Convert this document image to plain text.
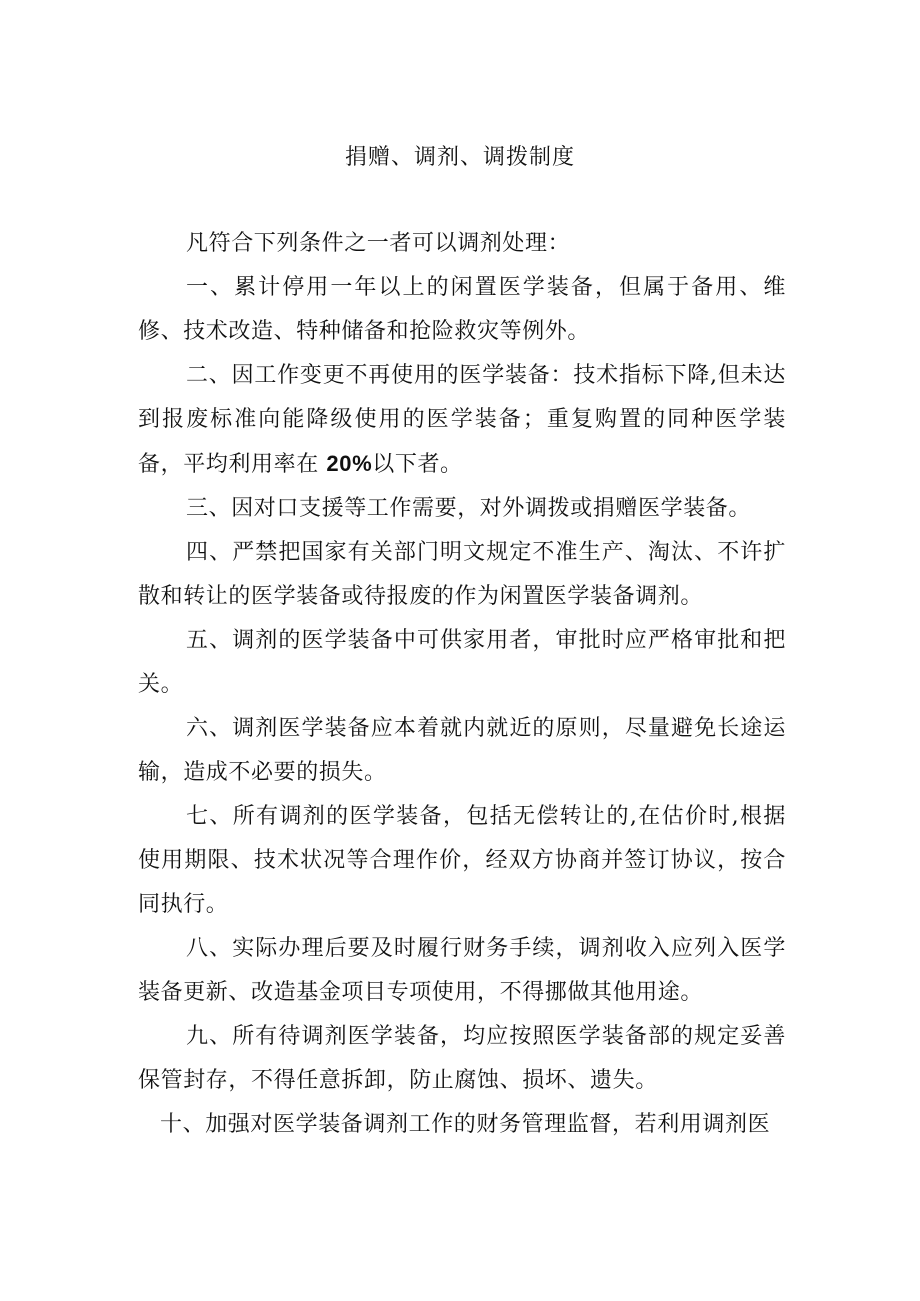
捐赠、调剂、调拨制度

凡符合下列条件之一者可以调剂处理：

一、累计停用一年以上的闲置医学装备，但属于备用、维修、技术改造、特种储备和抢险救灾等例外。

二、因工作变更不再使用的医学装备：技术指标下降,但未达到报废标准向能降级使用的医学装备；重复购置的同种医学装备，平均利用率在 20%以下者。

三、因对口支援等工作需要，对外调拨或捐赠医学装备。

四、严禁把国家有关部门明文规定不准生产、淘汰、不许扩散和转让的医学装备或待报废的作为闲置医学装备调剂。

五、调剂的医学装备中可供家用者，审批时应严格审批和把关。

六、调剂医学装备应本着就内就近的原则，尽量避免长途运输，造成不必要的损失。

七、所有调剂的医学装备，包括无偿转让的,在估价时,根据使用期限、技术状况等合理作价，经双方协商并签订协议，按合同执行。

八、实际办理后要及时履行财务手续，调剂收入应列入医学装备更新、改造基金项目专项使用，不得挪做其他用途。

九、所有待调剂医学装备，均应按照医学装备部的规定妥善保管封存，不得任意拆卸，防止腐蚀、损坏、遗失。

十、加强对医学装备调剂工作的财务管理监督，若利用调剂医
